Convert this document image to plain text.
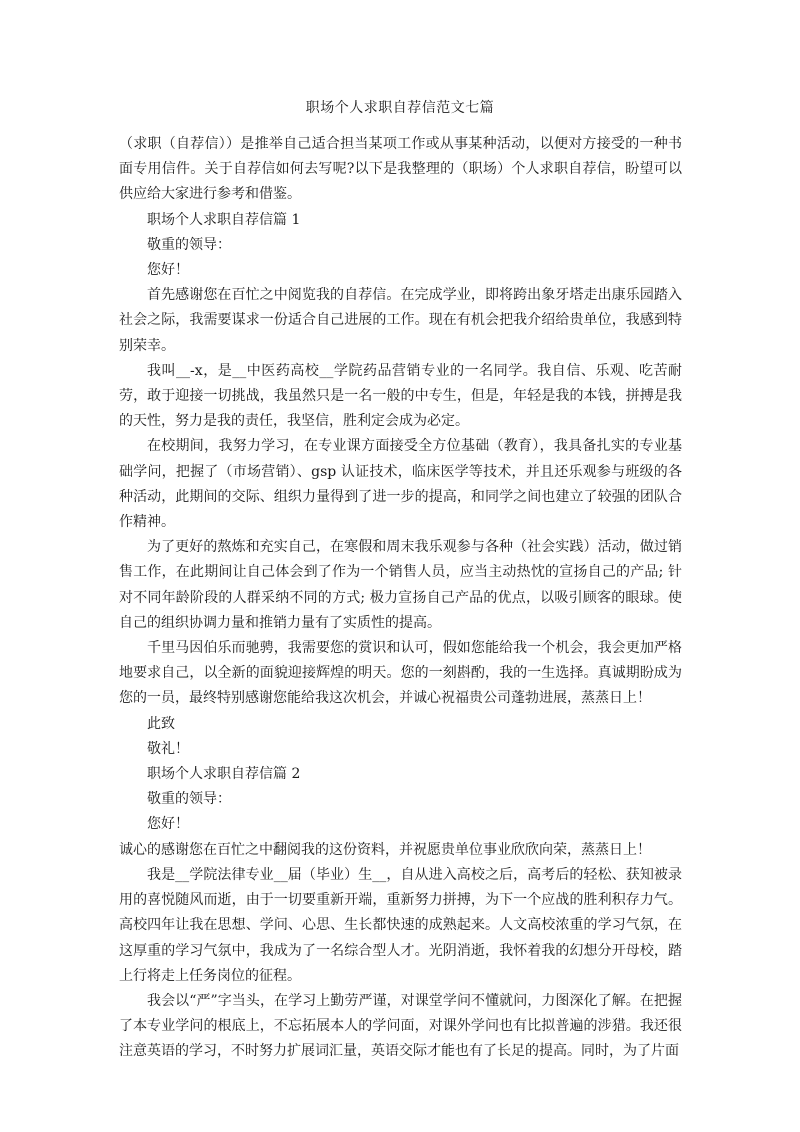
职场个人求职自荐信范文七篇

（求职（自荐信））是推举自己适合担当某项工作或从事某种活动，以便对方接受的一种书面专用信件。关于自荐信如何去写呢?以下是我整理的（职场）个人求职自荐信，盼望可以供应给大家进行参考和借鉴。

职场个人求职自荐信篇 1

敬重的领导：

您好！

首先感谢您在百忙之中阅览我的自荐信。在完成学业，即将跨出象牙塔走出康乐园踏入社会之际，我需要谋求一份适合自己进展的工作。现在有机会把我介绍给贵单位，我感到特别荣幸。

我叫__-x，是__中医药高校__学院药品营销专业的一名同学。我自信、乐观、吃苦耐劳，敢于迎接一切挑战，我虽然只是一名一般的中专生，但是，年轻是我的本钱，拼搏是我的天性，努力是我的责任，我坚信，胜利定会成为必定。

在校期间，我努力学习，在专业课方面接受全方位基础（教育），我具备扎实的专业基础学问，把握了（市场营销）、gsp 认证技术，临床医学等技术，并且还乐观参与班级的各种活动，此期间的交际、组织力量得到了进一步的提高，和同学之间也建立了较强的团队合作精神。

为了更好的熬炼和充实自己，在寒假和周末我乐观参与各种（社会实践）活动，做过销售工作，在此期间让自己体会到了作为一个销售人员，应当主动热忱的宣扬自己的产品; 针对不同年龄阶段的人群采纳不同的方式; 极力宣扬自己产品的优点，以吸引顾客的眼球。使自己的组织协调力量和推销力量有了实质性的提高。

千里马因伯乐而驰骋，我需要您的赏识和认可，假如您能给我一个机会，我会更加严格地要求自己，以全新的面貌迎接辉煌的明天。您的一刻斟酌，我的一生选择。真诚期盼成为您的一员，最终特别感谢您能给我这次机会，并诚心祝福贵公司蓬勃进展，蒸蒸日上！

此致

敬礼！

职场个人求职自荐信篇 2

敬重的领导：

您好！

诚心的感谢您在百忙之中翻阅我的这份资料，并祝愿贵单位事业欣欣向荣，蒸蒸日上！

我是__学院法律专业__届（毕业）生__，自从进入高校之后，高考后的轻松、获知被录用的喜悦随风而逝，由于一切要重新开端，重新努力拼搏，为下一个应战的胜利积存力气。高校四年让我在思想、学问、心思、生长都快速的成熟起来。人文高校浓重的学习气氛，在这厚重的学习气氛中，我成为了一名综合型人才。光阴消逝，我怀着我的幻想分开母校，踏上行将走上任务岗位的征程。

我会以“严”字当头，在学习上勤劳严谨，对课堂学问不懂就问，力图深化了解。在把握了本专业学问的根底上，不忘拓展本人的学问面，对课外学问也有比拟普遍的涉猎。我还很注意英语的学习，不时努力扩展词汇量，英语交际才能也有了长足的提高。同时，为了片面
